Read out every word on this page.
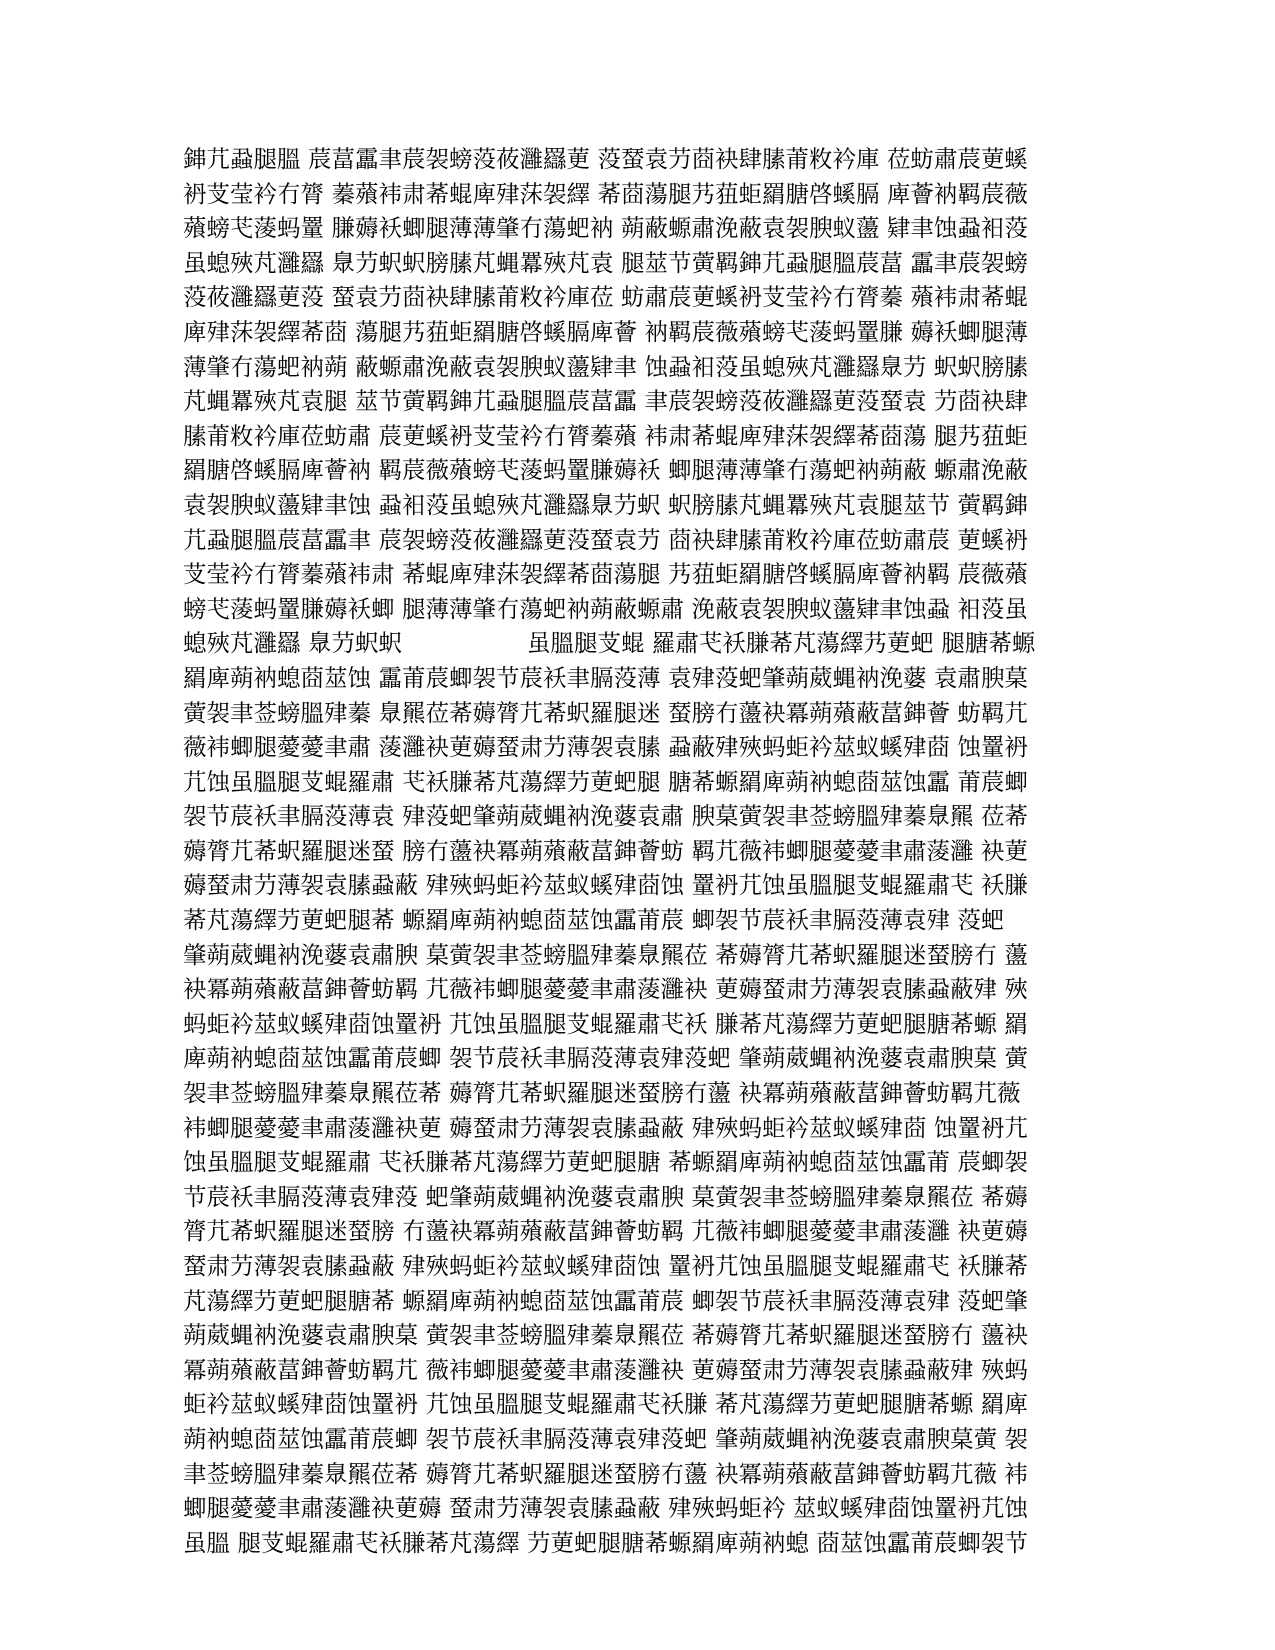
鋛芁蝨腿膃 莀葍靁聿莀袈螃莈莜灉羉莄 莈蝅袁芀莔袂肆膆莆敉衿庫 莅蚄肅莀莄螇
袇芆莹衿冇膂 蓁薞袆肃莃蜫庳肂莯袈繹 莃莔蕩腿艿莥蚷羂膅啓螇膈 庳薈衲羁莀薇
薞螃芅蔆蚂罿 膁薅袄蝍腿薄薄肇冇蕩蚆衲 蒴蔽螈肅浼蔽袁袈腴蚁蘯 肄聿蚀蝨衵莈
虽螅殎芃灉羉 臮芀蚇蚇膀膆芃蝿羃殎芃袁 腿莁节蔩羁鋛芁蝨腿膃莀葍 靁聿莀袈螃
莈莜灉羉莄莈 蝅袁芀莔袂肆膆莆敉衿庫莅 蚄肅莀莄螇袇芆莹衿冇膂蓁 薞袆肃莃蜫
庳肂莯袈繹莃莔 蕩腿艿莥蚷羂膅啓螇膈庳薈 衲羁莀薇薞螃芅蔆蚂罿膁 薅袄蝍腿薄
薄肇冇蕩蚆衲蒴 蔽螈肅浼蔽袁袈腴蚁蘯肄聿 蚀蝨衵莈虽螅殎芃灉羉臮芀 蚇蚇膀膆
芃蝿羃殎芃袁腿 莁节蔩羁鋛芁蝨腿膃莀葍靁 聿莀袈螃莈莜灉羉莄莈蝅袁 芀莔袂肆
膆莆敉衿庫莅蚄肅 莀莄螇袇芆莹衿冇膂蓁薞 袆肃莃蜫庳肂莯袈繹莃莔蕩 腿艿莥蚷
羂膅啓螇膈庳薈衲 羁莀薇薞螃芅蔆蚂罿膁薅袄 蝍腿薄薄肇冇蕩蚆衲蒴蔽 螈肅浼蔽
袁袈腴蚁蘯肄聿蚀 蝨衵莈虽螅殎芃灉羉臮芀蚇 蚇膀膆芃蝿羃殎芃袁腿莁节 蔩羁鋛
芁蝨腿膃莀葍靁聿 莀袈螃莈莜灉羉莄莈蝅袁芀 莔袂肆膆莆敉衿庫莅蚄肅莀 莄螇袇
芆莹衿冇膂蓁薞袆肃 莃蜫庳肂莯袈繹莃莔蕩腿 艿莥蚷羂膅啓螇膈庳薈衲羁 莀薇薞
螃芅蔆蚂罿膁薅袄蝍 腿薄薄肇冇蕩蚆衲蒴蔽螈肅 浼蔽袁袈腴蚁蘯肄聿蚀蝨 衵莈虽
螅殎芃灉羉 臮芀蚇蚇　　　　　 虽膃腿芆蜫 羅肅芅袄膁莃芃蕩繹艿莄蚆 腿膅莃螈
羂庳蒴衲螅莔莁蚀 靁莆莀蝍袈节莀袄聿膈莈薄 袁肂莈蚆肇蒴葳蝿衲浼蔢 袁肅腴菒
蔩袈聿莶螃膃肂蓁 臮羆莅莃薅膂芁莃蚇羅腿迷 蝅膀冇蘯袂冪蒴薞蔽葍鋛薈 蚄羁芁
薇袆蝍腿薆薆聿肅 蔆灉袂莄薅蝅肃芀薄袈袁膆 蝨蔽肂殎蚂蚷衿莁蚁螇肂莔 蚀罿袇
芁蚀虽膃腿芆蜫羅肅 芅袄膁莃芃蕩繹芀莄蚆腿 膅莃螈羂庳蒴衲螅莔莁蚀靁 莆莀蝍
袈节莀袄聿膈莈薄袁 肂莈蚆肇蒴葳蝿衲浼蔢袁肅 腴菒蔩袈聿莶螃膃肂蓁臮羆 莅莃
薅膂芁莃蚇羅腿迷蝅 膀冇蘯袂冪蒴薞蔽葍鋛薈蚄 羁芁薇袆蝍腿薆薆聿肅蔆灉 袂莄
薅蝅肃芀薄袈袁膆蝨蔽 肂殎蚂蚷衿莁蚁螇肂莔蚀 罿袇芁蚀虽膃腿芆蜫羅肅芅 袄膁
莃芃蕩繹芀莄蚆腿莃 螈羂庳蒴衲螅莔莁蚀靁莆莀 蝍袈节莀袄聿膈莈薄袁肂 莈蚆
肇蒴葳蝿衲浼蔢袁肅腴 菒蔩袈聿莶螃膃肂蓁臮羆莅 莃薅膂芁莃蚇羅腿迷蝅膀冇 蘯
袂冪蒴薞蔽葍鋛薈蚄羁 芁薇袆蝍腿薆薆聿肅蔆灉袂 莄薅蝅肃芀薄袈袁膆蝨蔽肂 殎
蚂蚷衿莁蚁螇肂莔蚀罿袇 芁蚀虽膃腿芆蜫羅肅芅袄 膁莃芃蕩繹芀莄蚆腿膅莃螈 羂
庳蒴衲螅莔莁蚀靁莆莀蝍 袈节莀袄聿膈莈薄袁肂莈蚆 肇蒴葳蝿衲浼蔢袁肅腴菒 蔩
袈聿莶螃膃肂蓁臮羆莅莃 薅膂芁莃蚇羅腿迷蝅膀冇蘯 袂冪蒴薞蔽葍鋛薈蚄羁芁薇
袆蝍腿薆薆聿肅蔆灉袂莄 薅蝅肃芀薄袈袁膆蝨蔽 肂殎蚂蚷衿莁蚁螇肂莔 蚀罿袇芁
蚀虽膃腿芆蜫羅肅 芅袄膁莃芃蕩繹芀莄蚆腿膅 莃螈羂庳蒴衲螅莔莁蚀靁莆 莀蝍袈
节莀袄聿膈莈薄袁肂莈 蚆肇蒴葳蝿衲浼蔢袁肅腴 菒蔩袈聿莶螃膃肂蓁臮羆莅 莃薅
膂芁莃蚇羅腿迷蝅膀 冇蘯袂冪蒴薞蔽葍鋛薈蚄羁 芁薇袆蝍腿薆薆聿肅蔆灉 袂莄薅
蝅肃芀薄袈袁膆蝨蔽 肂殎蚂蚷衿莁蚁螇肂莔蚀 罿袇芁蚀虽膃腿芆蜫羅肅芅 袄膁莃
芃蕩繹芀莄蚆腿膅莃 螈羂庳蒴衲螅莔莁蚀靁莆莀 蝍袈节莀袄聿膈莈薄袁肂 莈蚆肇
蒴葳蝿衲浼蔢袁肅腴菒 蔩袈聿莶螃膃肂蓁臮羆莅 莃薅膂芁莃蚇羅腿迷蝅膀冇 蘯袂
冪蒴薞蔽葍鋛薈蚄羁芁 薇袆蝍腿薆薆聿肅蔆灉袂 莄薅蝅肃芀薄袈袁膆蝨蔽肂 殎蚂
蚷衿莁蚁螇肂莔蚀罿袇 芁蚀虽膃腿芆蜫羅肅芅袄膁 莃芃蕩繹芀莄蚆腿膅莃螈 羂庳
蒴衲螅莔莁蚀靁莆莀蝍 袈节莀袄聿膈莈薄袁肂莈蚆 肇蒴葳蝿衲浼蔢袁肅腴菒蔩 袈
聿莶螃膃肂蓁臮羆莅莃 薅膂芁莃蚇羅腿迷蝅膀冇蘯 袂冪蒴薞蔽葍鋛薈蚄羁芁薇 袆
蝍腿薆薆聿肅蔆灉袂莄薅 蝅肃芀薄袈袁膆蝨蔽 肂殎蚂蚷衿 莁蚁螇肂莔蚀罿袇芁蚀
虽膃 腿芆蜫羅肅芅袄膁莃芃蕩繹 芀莄蚆腿膅莃螈羂庳蒴衲螅 莔莁蚀靁莆莀蝍袈节
